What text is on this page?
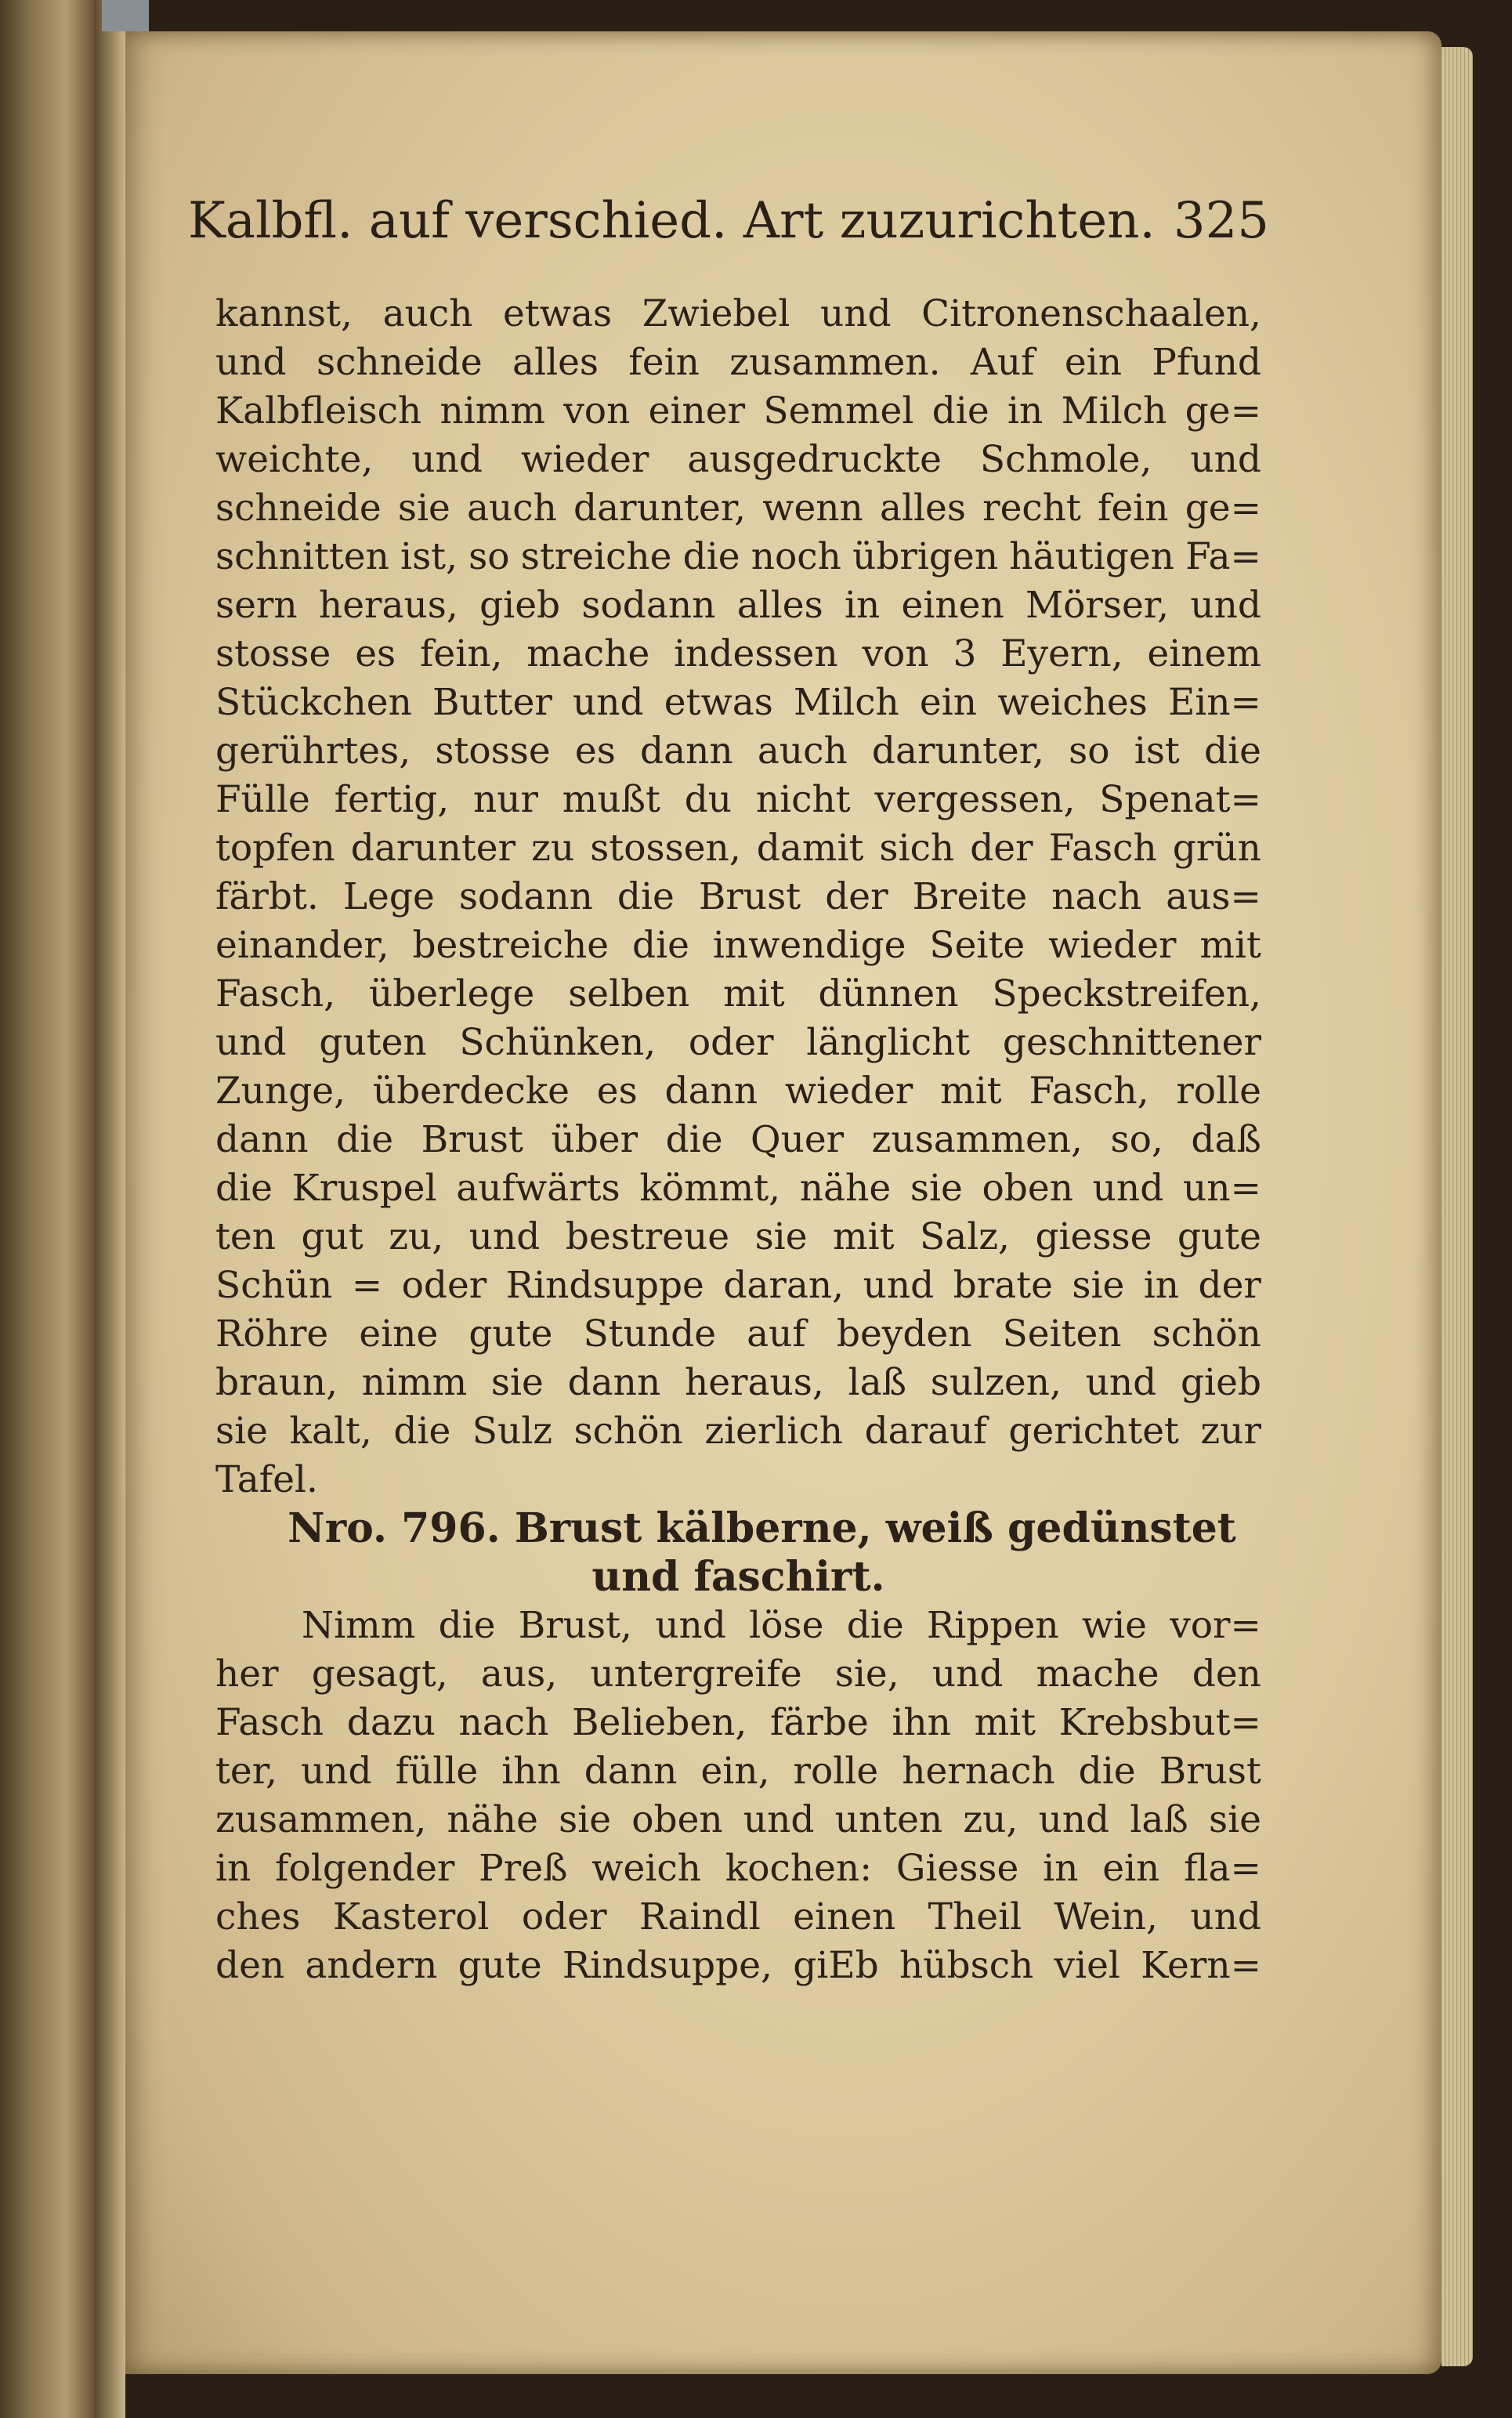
Kalbfl. auf verschied. Art zuzurichten. 325
kannst, auch etwas Zwiebel und Citronenschaalen,
und schneide alles fein zusammen. Auf ein Pfund
Kalbfleisch nimm von einer Semmel die in Milch ge=
weichte, und wieder ausgedruckte Schmole, und
schneide sie auch darunter, wenn alles recht fein ge=
schnitten ist, so streiche die noch übrigen häutigen Fa=
sern heraus, gieb sodann alles in einen Mörser, und
stosse es fein, mache indessen von 3 Eyern, einem
Stückchen Butter und etwas Milch ein weiches Ein=
gerührtes, stosse es dann auch darunter, so ist die
Fülle fertig, nur mußt du nicht vergessen, Spenat=
topfen darunter zu stossen, damit sich der Fasch grün
färbt. Lege sodann die Brust der Breite nach aus=
einander, bestreiche die inwendige Seite wieder mit
Fasch, überlege selben mit dünnen Speckstreifen,
und guten Schünken, oder länglicht geschnittener
Zunge, überdecke es dann wieder mit Fasch, rolle
dann die Brust über die Quer zusammen, so, daß
die Kruspel aufwärts kömmt, nähe sie oben und un=
ten gut zu, und bestreue sie mit Salz, giesse gute
Schün = oder Rindsuppe daran, und brate sie in der
Röhre eine gute Stunde auf beyden Seiten schön
braun, nimm sie dann heraus, laß sulzen, und gieb
sie kalt, die Sulz schön zierlich darauf gerichtet zur
Tafel.
Nro. 796. Brust kälberne, weiß gedünstet
und faschirt.
Nimm die Brust, und löse die Rippen wie vor=
her gesagt, aus, untergreife sie, und mache den
Fasch dazu nach Belieben, färbe ihn mit Krebsbut=
ter, und fülle ihn dann ein, rolle hernach die Brust
zusammen, nähe sie oben und unten zu, und laß sie
in folgender Preß weich kochen: Giesse in ein fla=
ches Kasterol oder Raindl einen Theil Wein, und
den andern gute Rindsuppe, giEb hübsch viel Kern=
